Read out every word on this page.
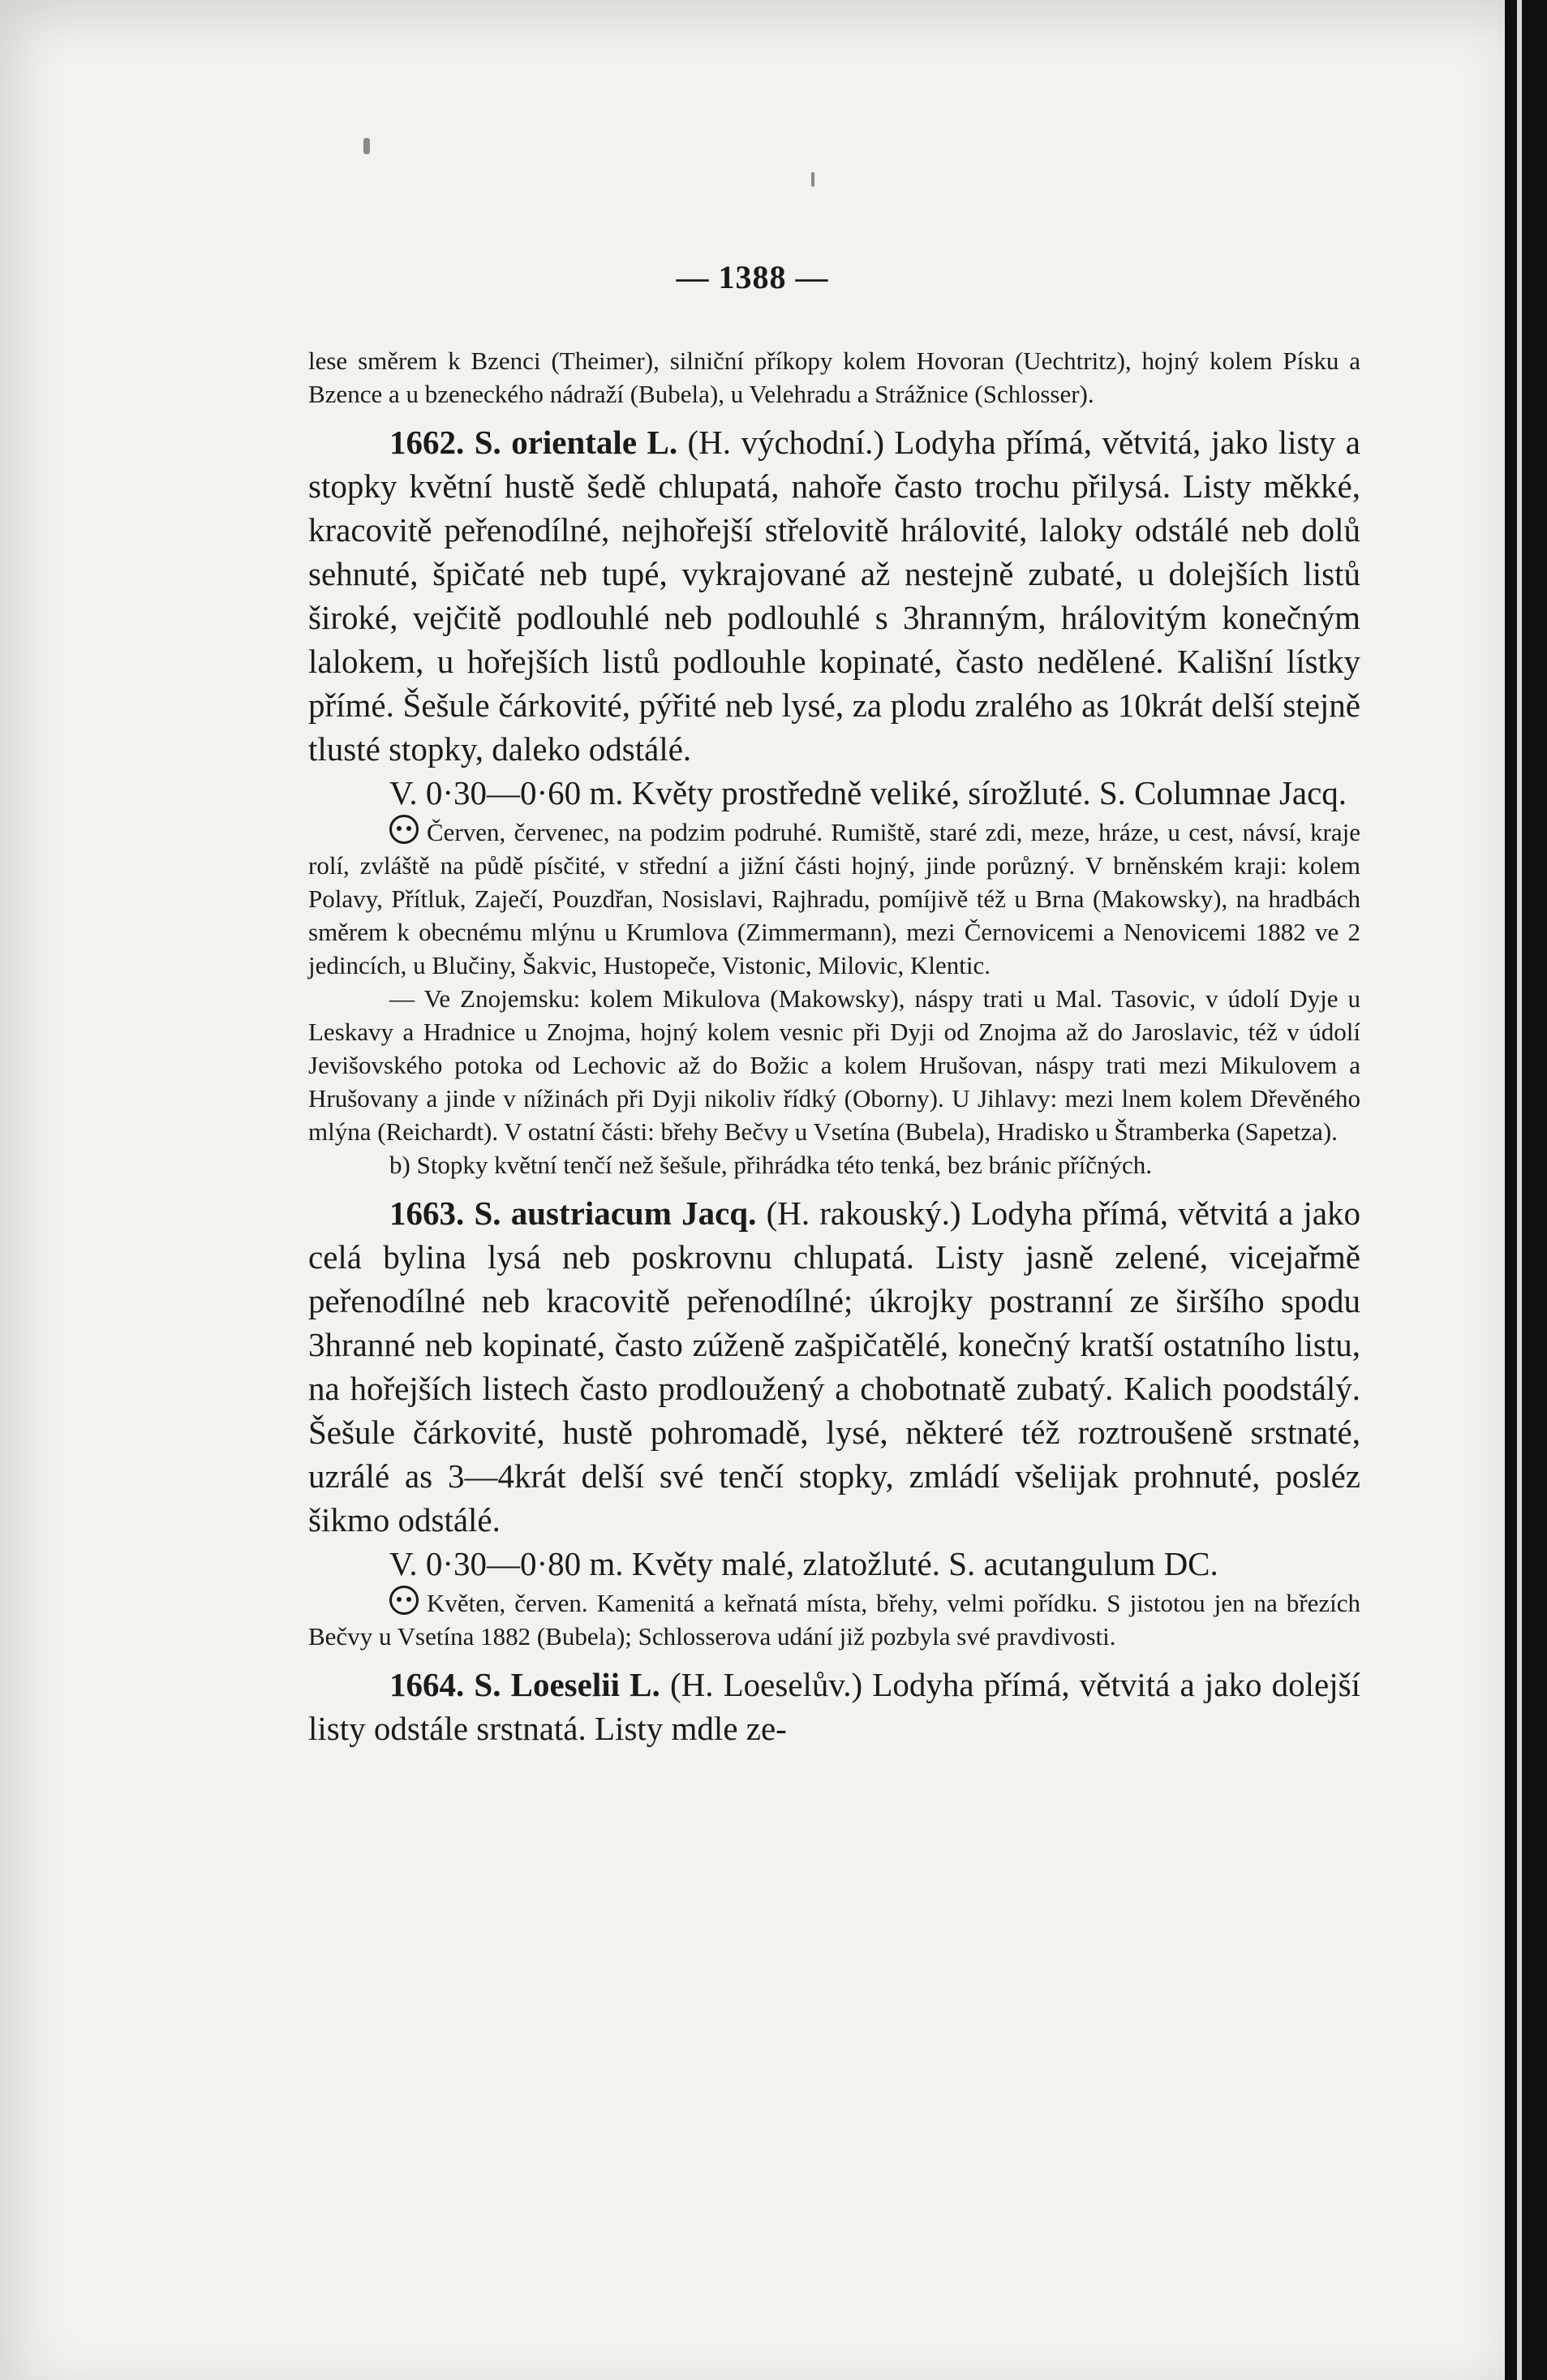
— 1388 —

lese směrem k Bzenci (Theimer), silniční příkopy kolem Hovoran (Uechtritz), hojný kolem Písku a Bzence a u bzeneckého nádraží (Bubela), u Velehradu a Strážnice (Schlosser).

1662. S. orientale L. (H. východní.) Lodyha přímá, větvitá, jako listy a stopky květní hustě šedě chlupatá, nahoře často trochu přilysá. Listy měkké, kracovitě peřenodílné, nejhořejší střelovitě hrálovité, laloky odstálé neb dolů sehnuté, špičaté neb tupé, vykrajované až nestejně zubaté, u dolejších listů široké, vejčitě podlouhlé neb podlouhlé s 3hranným, hrálovitým konečným lalokem, u hořejších listů podlouhle kopinaté, často nedělené. Kališní lístky přímé. Šešule čárkovité, pýřité neb lysé, za plodu zralého as 10krát delší stejně tlusté stopky, daleko odstálé.

V. 0·30—0·60 m. Květy prostředně veliké, sírožluté. S. Columnae Jacq.

Červen, červenec, na podzim podruhé. Rumiště, staré zdi, meze, hráze, u cest, návsí, kraje rolí, zvláště na půdě písčité, v střední a jižní části hojný, jinde porůzný. V brněnském kraji: kolem Polavy, Přítluk, Zaječí, Pouzdřan, Nosislavi, Rajhradu, pomíjivě též u Brna (Makowsky), na hradbách směrem k obecnému mlýnu u Krumlova (Zimmermann), mezi Černovicemi a Nenovicemi 1882 ve 2 jedincích, u Blučiny, Šakvic, Hustopeče, Vistonic, Milovic, Klentic.

— Ve Znojemsku: kolem Mikulova (Makowsky), náspy trati u Mal. Tasovic, v údolí Dyje u Leskavy a Hradnice u Znojma, hojný kolem vesnic při Dyji od Znojma až do Jaroslavic, též v údolí Jevišovského potoka od Lechovic až do Božic a kolem Hrušovan, náspy trati mezi Mikulovem a Hrušovany a jinde v nížinách při Dyji nikoliv řídký (Oborny). U Jihlavy: mezi lnem kolem Dřevěného mlýna (Reichardt). V ostatní části: břehy Bečvy u Vsetína (Bubela), Hradisko u Štramberka (Sapetza).

b) Stopky květní tenčí než šešule, přihrádka této tenká, bez bránic příčných.

1663. S. austriacum Jacq. (H. rakouský.) Lodyha přímá, větvitá a jako celá bylina lysá neb poskrovnu chlupatá. Listy jasně zelené, vicejařmě peřenodílné neb kracovitě peřenodílné; úkrojky postranní ze širšího spodu 3hranné neb kopinaté, často zúženě zašpičatělé, konečný kratší ostatního listu, na hořejších listech často prodloužený a chobotnatě zubatý. Kalich poodstálý. Šešule čárkovité, hustě pohromadě, lysé, některé též roztroušeně srstnaté, uzrálé as 3—4krát delší své tenčí stopky, zmládí všelijak prohnuté, posléz šikmo odstálé.

V. 0·30—0·80 m. Květy malé, zlatožluté. S. acutangulum DC.

Květen, červen. Kamenitá a keřnatá místa, břehy, velmi pořídku. S jistotou jen na březích Bečvy u Vsetína 1882 (Bubela); Schlosserova udání již pozbyla své pravdivosti.

1664. S. Loeselii L. (H. Loeselův.) Lodyha přímá, větvitá a jako dolejší listy odstále srstnatá. Listy mdle ze-
